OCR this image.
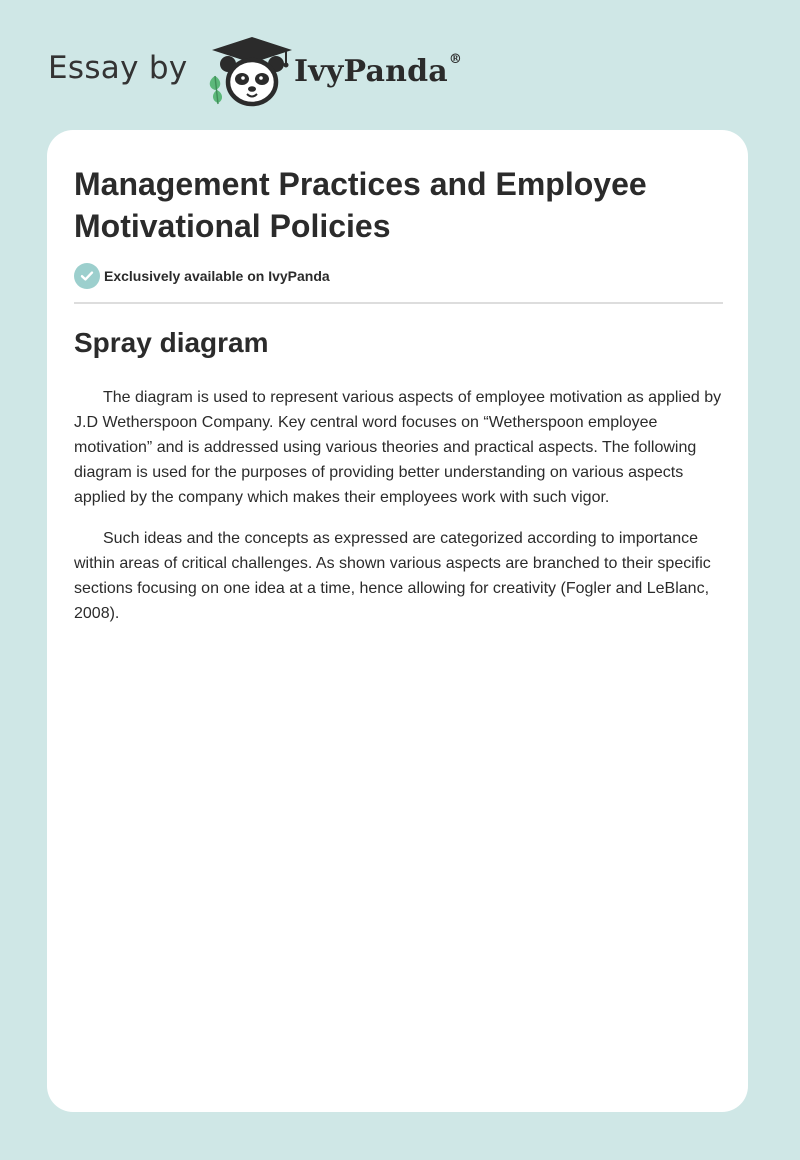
Essay by	IvyPanda®
Management Practices and Employee Motivational Policies
Exclusively available on IvyPanda
Spray diagram

The diagram is used to represent various aspects of employee motivation as applied by J.D Wetherspoon Company. Key central word focuses on “Wetherspoon employee motivation” and is addressed using various theories and practical aspects. The following diagram is used for the purposes of providing better understanding on various aspects applied by the company which makes their employees work with such vigor.

Such ideas and the concepts as expressed are categorized according to importance within areas of critical challenges. As shown various aspects are branched to their specific sections focusing on one idea at a time, hence allowing for creativity (Fogler and LeBlanc, 2008).
